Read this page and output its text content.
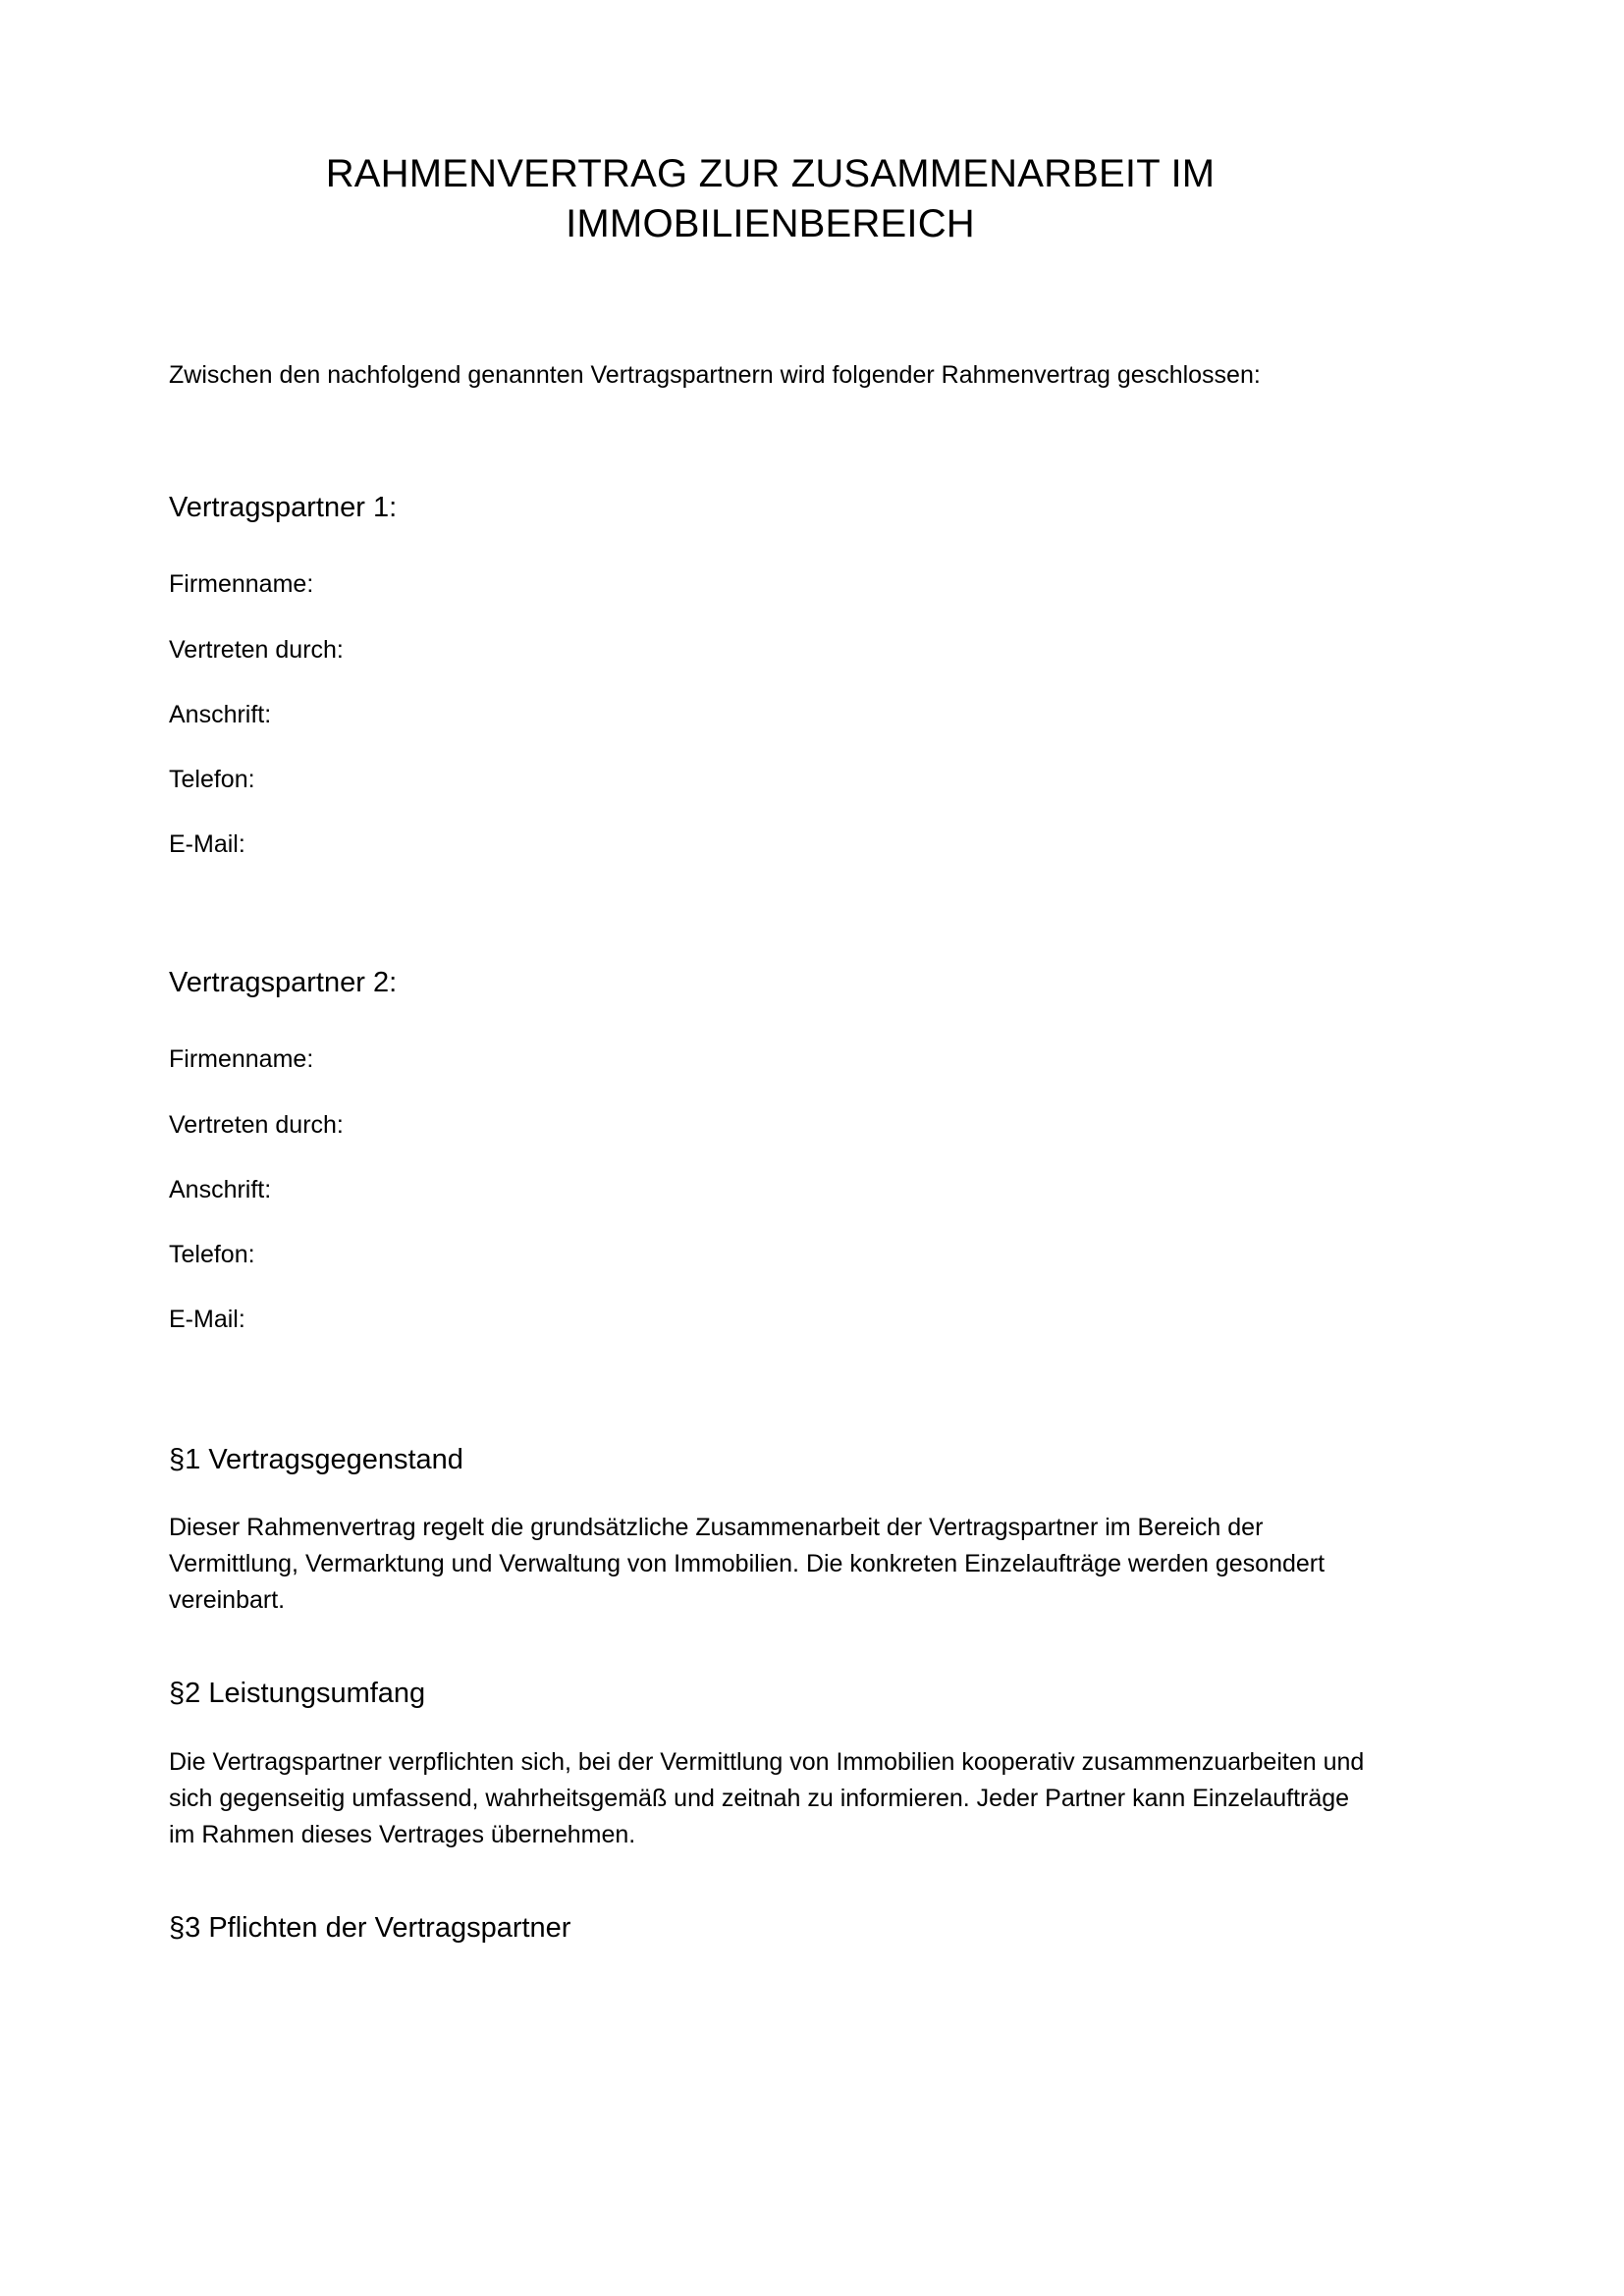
RAHMENVERTRAG ZUR ZUSAMMENARBEIT IM IMMOBILIENBEREICH

Zwischen den nachfolgend genannten Vertragspartnern wird folgender Rahmenvertrag geschlossen:

Vertragspartner 1:
Firmenname:
Vertreten durch:
Anschrift:
Telefon:
E-Mail:
Vertragspartner 2:
Firmenname:
Vertreten durch:
Anschrift:
Telefon:
E-Mail:
§1 Vertragsgegenstand

Dieser Rahmenvertrag regelt die grundsätzliche Zusammenarbeit der Vertragspartner im Bereich der Vermittlung, Vermarktung und Verwaltung von Immobilien. Die konkreten Einzelaufträge werden gesondert vereinbart.

§2 Leistungsumfang

Die Vertragspartner verpflichten sich, bei der Vermittlung von Immobilien kooperativ zusammenzuarbeiten und sich gegenseitig umfassend, wahrheitsgemäß und zeitnah zu informieren. Jeder Partner kann Einzelaufträge im Rahmen dieses Vertrages übernehmen.

§3 Pflichten der Vertragspartner
